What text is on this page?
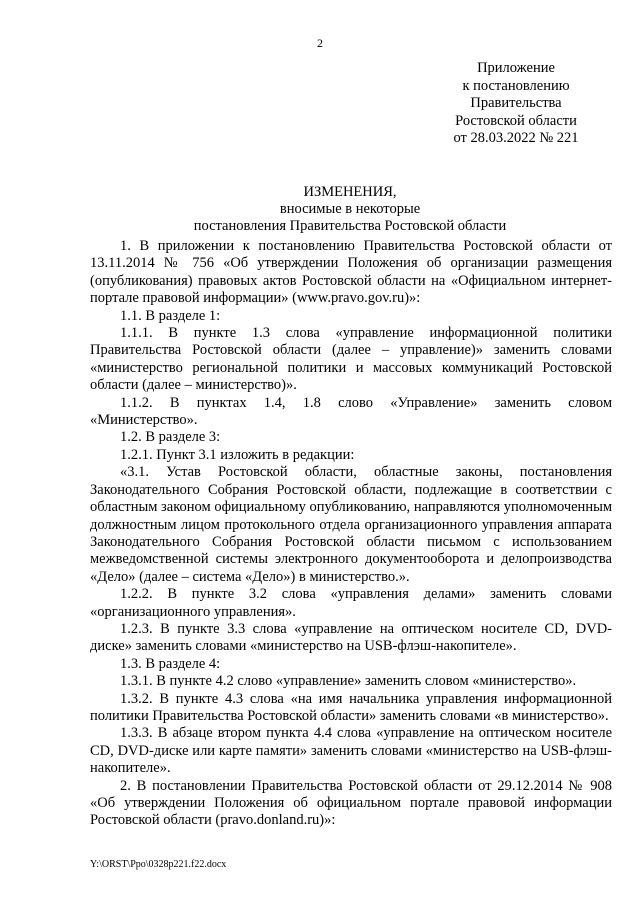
2
Приложение
к постановлению
Правительства
Ростовской области
от 28.03.2022 № 221
ИЗМЕНЕНИЯ,
вносимые в некоторые
постановления Правительства Ростовской области

1. В приложении к постановлению Правительства Ростовской области от 13.11.2014 № 756 «Об утверждении Положения об организации размещения (опубликования) правовых актов Ростовской области на «Официальном интернет-портале правовой информации» (www.pravo.gov.ru)»:

1.1. В разделе 1:

1.1.1. В пункте 1.3 слова «управление информационной политики Правительства Ростовской области (далее – управление)» заменить словами «министерство региональной политики и массовых коммуникаций Ростовской области (далее – министерство)».

1.1.2. В пунктах 1.4, 1.8 слово «Управление» заменить словом «Министерство».

1.2. В разделе 3:

1.2.1. Пункт 3.1 изложить в редакции:

«3.1. Устав Ростовской области, областные законы, постановления Законодательного Собрания Ростовской области, подлежащие в соответствии с областным законом официальному опубликованию, направляются уполномоченным должностным лицом протокольного отдела организационного управления аппарата Законодательного Собрания Ростовской области письмом с использованием межведомственной системы электронного документооборота и делопроизводства «Дело» (далее – система «Дело») в министерство.».

1.2.2. В пункте 3.2 слова «управления делами» заменить словами «организационного управления».

1.2.3. В пункте 3.3 слова «управление на оптическом носителе CD, DVD-диске» заменить словами «министерство на USB-флэш-накопителе».

1.3. В разделе 4:

1.3.1. В пункте 4.2 слово «управление» заменить словом «министерство».

1.3.2. В пункте 4.3 слова «на имя начальника управления информационной политики Правительства Ростовской области» заменить словами «в министерство».

1.3.3. В абзаце втором пункта 4.4 слова «управление на оптическом носителе CD, DVD-диске или карте памяти» заменить словами «министерство на USB-флэш-накопителе».

2. В постановлении Правительства Ростовской области от 29.12.2014 № 908 «Об утверждении Положения об официальном портале правовой информации Ростовской области (pravo.donland.ru)»:

Y:\ORST\Ppo\0328p221.f22.docx
